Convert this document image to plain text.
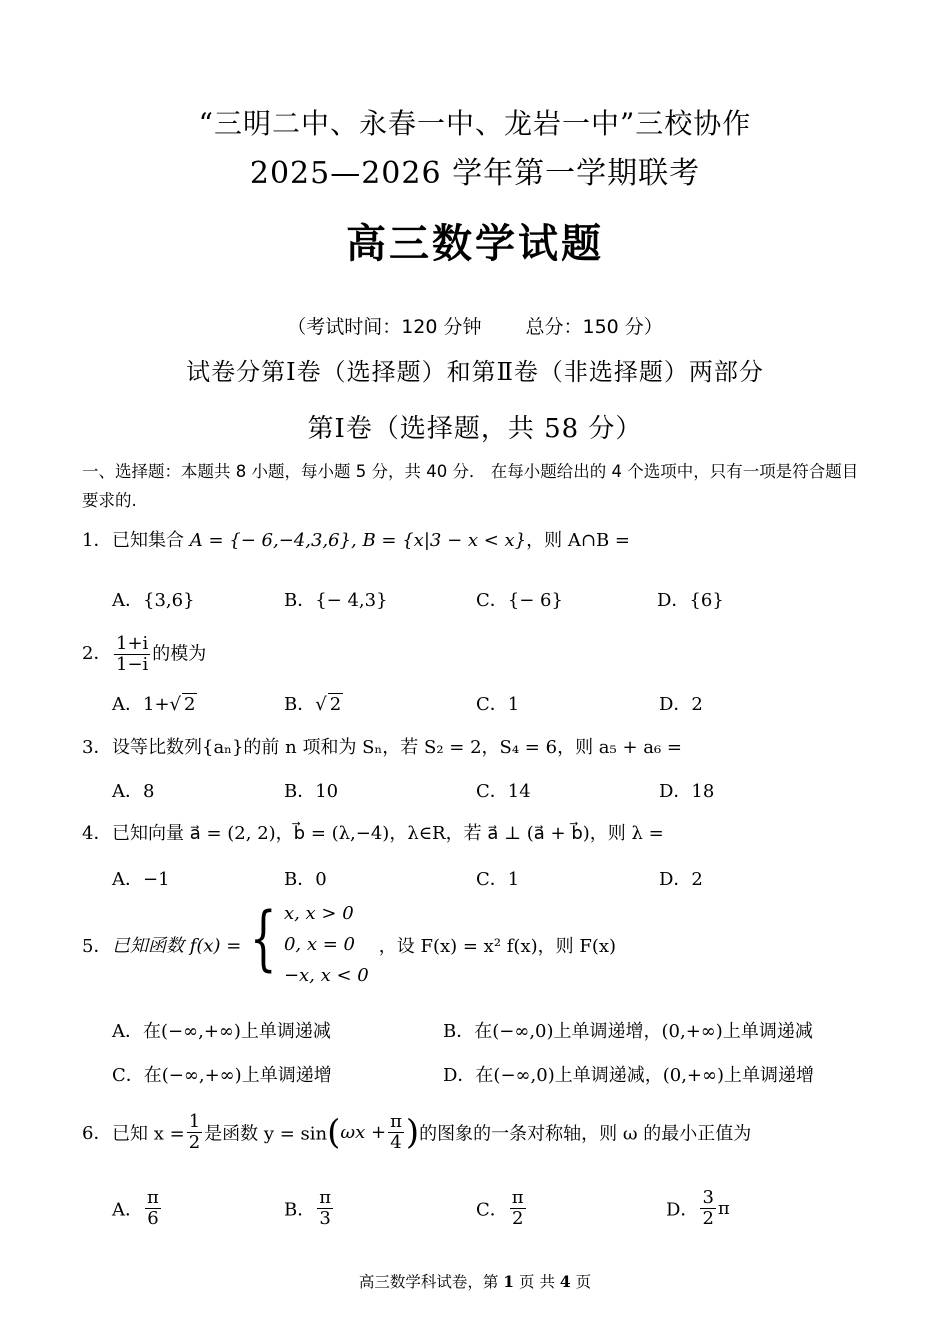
“三明二中、永春一中、龙岩一中”三校协作
2025—2026 学年第一学期联考
高三数学试题
（考试时间：120 分钟 总分：150 分）
试卷分第Ⅰ卷（选择题）和第Ⅱ卷（非选择题）两部分
第Ⅰ卷（选择题，共 58 分）
一、选择题：本题共 8 小题，每小题 5 分，共 40 分． 在每小题给出的 4 个选项中，只有一项是符合题目要求的.
1．已知集合 A = {− 6,−4,3,6}, B = {x|3 − x < x}，则 A∩B =
A．{3,6}	B．{− 4,3}	C．{− 6}	D．{6}
2． $\frac{1+i}{1-i}$ 的模为
A．1+√ 2	B．√ 2	C．1	D．2
3．设等比数列{aₙ}的前 n 项和为 Sₙ，若 S₂ = 2，S₄ = 6，则 a₅ + a₆ =
A．8	B．10	C．14	D．18
4．已知向量 a⃗ = (2, 2)，b⃗ = (λ,−4)，λ∈R，若 a⃗ ⊥ (a⃗ + b⃗)，则 λ =
A．−1	B．0	C．1	D．2
5．已知函数 f(x) = { x, x > 0
0, x = 0
−x, x < 0
，设 F(x) = x² f(x)，则 F(x)
A．在(−∞,+∞)上单调递减	B．在(−∞,0)上单调递增，(0,+∞)上单调递减
C．在(−∞,+∞)上单调递增	D．在(−∞,0)上单调递减，(0,+∞)上单调递增
6．已知 $x = \frac{1}{2}$ 是函数 $y = \sin(\omega x + \frac{\pi}{4}$ )的图象的一条对称轴，则 ω 的最小正值为
A． $\frac{\pi}{6}$	B． $\frac{\pi}{3}$	C． $\frac{\pi}{2}$	D． $\frac{3}{2}$ π
高三数学科试卷，第 1 页 共 4 页
